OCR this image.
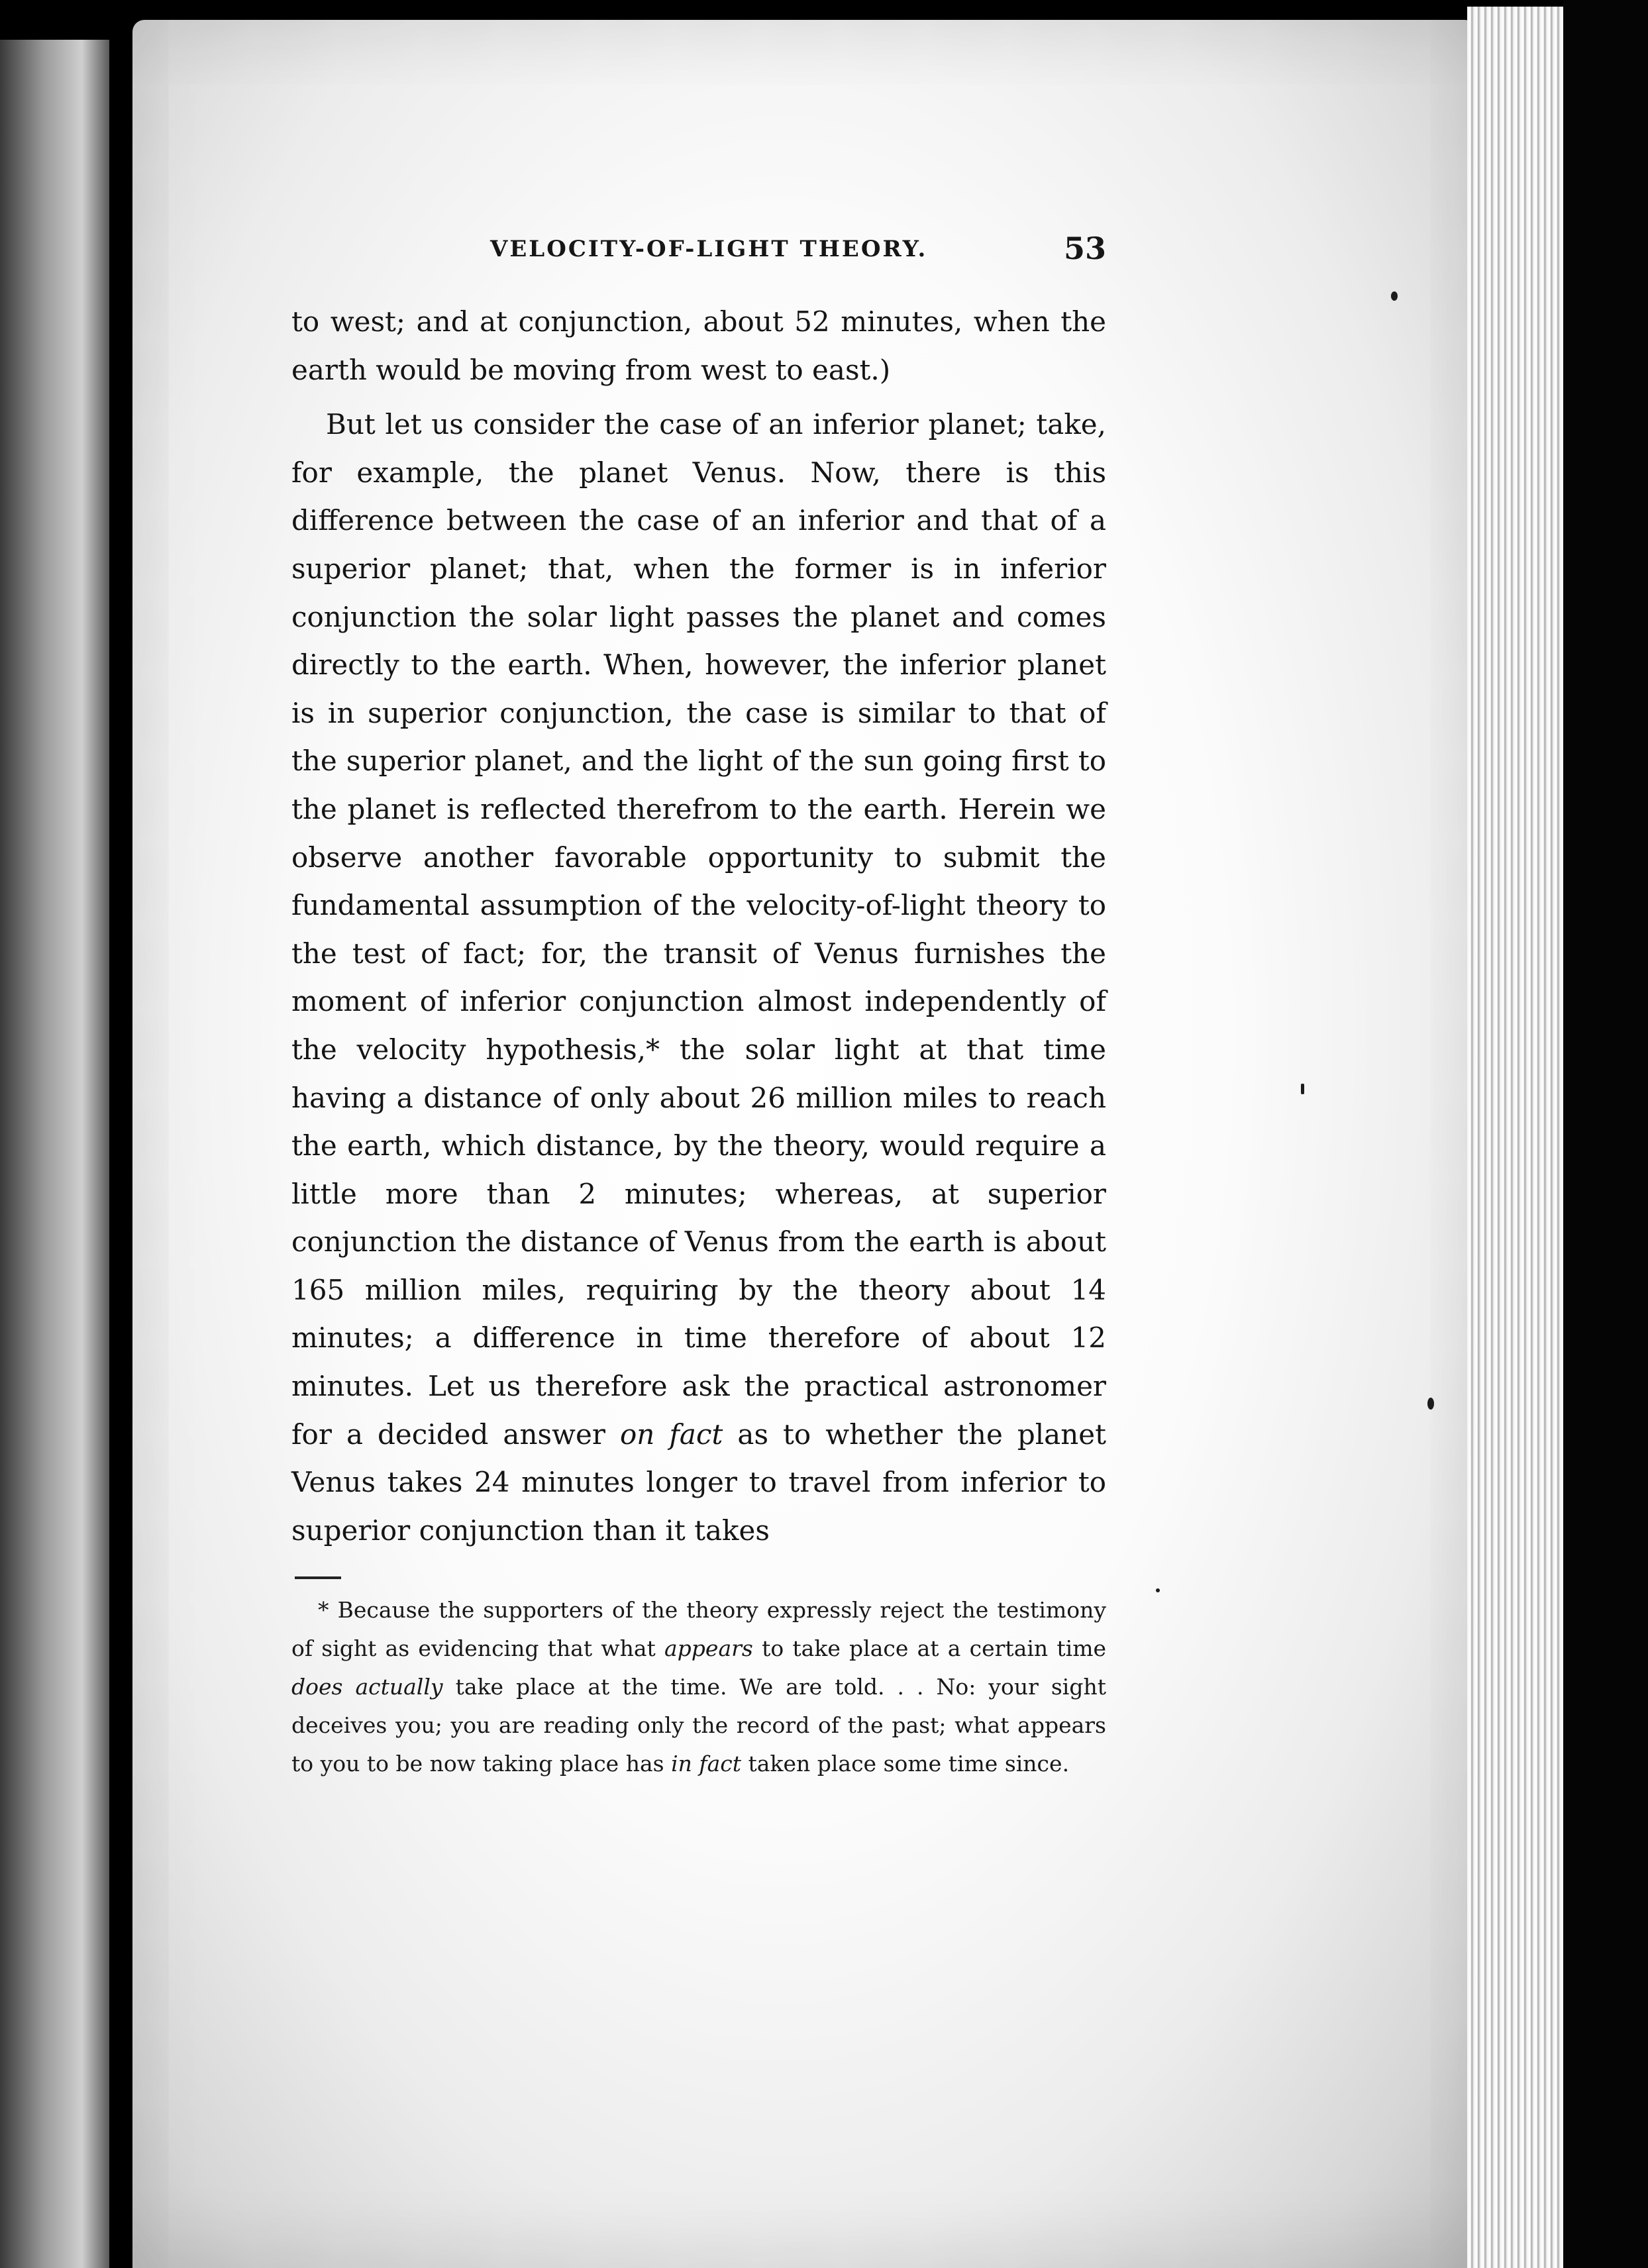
VELOCITY-OF-LIGHT THEORY.	53

to west; and at conjunction, about 52 minutes, when the earth would be moving from west to east.)

But let us consider the case of an inferior planet; take, for example, the planet Venus. Now, there is this difference between the case of an inferior and that of a superior planet; that, when the former is in inferior conjunction the solar light passes the planet and comes directly to the earth. When, however, the inferior planet is in superior conjunction, the case is similar to that of the superior planet, and the light of the sun going first to the planet is reflected therefrom to the earth. Herein we observe another favorable opportunity to submit the fundamental assumption of the velocity-of-light theory to the test of fact; for, the transit of Venus furnishes the moment of inferior conjunction almost independently of the velocity hypothesis,* the solar light at that time having a distance of only about 26 million miles to reach the earth, which distance, by the theory, would require a little more than 2 minutes; whereas, at superior conjunction the distance of Venus from the earth is about 165 million miles, requiring by the theory about 14 minutes; a difference in time therefore of about 12 minutes. Let us therefore ask the practical astronomer for a decided answer on fact as to whether the planet Venus takes 24 minutes longer to travel from inferior to superior conjunction than it takes

* Because the supporters of the theory expressly reject the testimony of sight as evidencing that what appears to take place at a certain time does actually take place at the time. We are told. . . No: your sight deceives you; you are reading only the record of the past; what appears to you to be now taking place has in fact taken place some time since.
